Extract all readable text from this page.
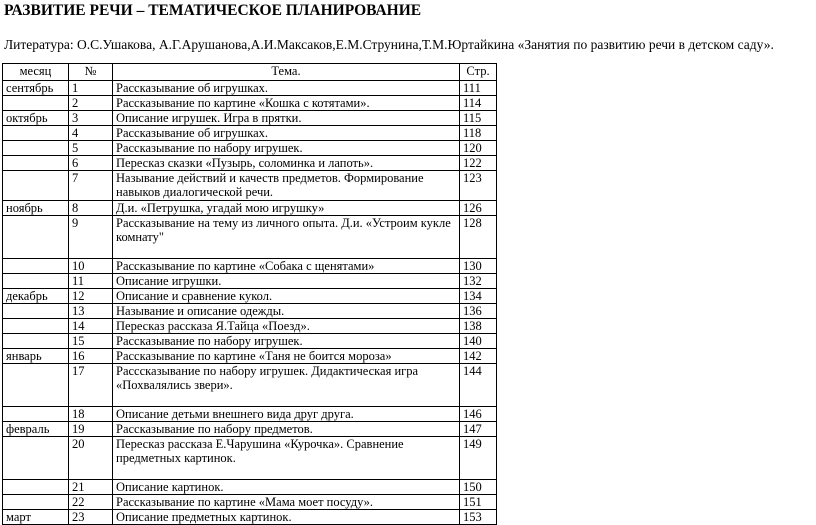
РАЗВИТИЕ РЕЧИ – ТЕМАТИЧЕСКОЕ ПЛАНИРОВАНИЕ
Литература: О.С.Ушакова, А.Г.Арушанова,А.И.Максаков,Е.М.Струнина,Т.М.Юртайкина «Занятия по развитию речи в детском саду».
месяц	№	Тема.	Стр.
сентябрь	1	Рассказывание об игрушках.	111
	2	Рассказывание по картине «Кошка с котятами».	114
октябрь	3	Описание игрушек. Игра в прятки.	115
	4	Рассказывание об игрушках.	118
	5	Рассказывание по набору игрушек.	120
	6	Пересказ сказки «Пузырь, соломинка и лапоть».	122
	7	Называние действий и качеств предметов. Формирование навыков диалогической речи.	123
ноябрь	8	Д.и. «Петрушка, угадай мою игрушку»	126
	9	Рассказывание на тему из личного опыта. Д.и. «Устроим кукле комнату"	128
	10	Рассказывание по картине «Собака с щенятами»	130
	11	Описание игрушки.	132
декабрь	12	Описание и сравнение кукол.	134
	13	Называние и описание одежды.	136
	14	Пересказ рассказа Я.Тайца «Поезд».	138
	15	Рассказывание по набору игрушек.	140
январь	16	Рассказывание по картине «Таня не боится мороза»	142
	17	Расссказывание по набору игрушек. Дидактическая игра «Похвалялись звери».	144
	18	Описание детьми внешнего вида друг друга.	146
февраль	19	Рассказывание по набору предметов.	147
	20	Пересказ рассказа Е.Чарушина «Курочка». Сравнение предметных картинок.	149
	21	Описание картинок.	150
	22	Рассказывание по картине «Мама моет посуду».	151
март	23	Описание предметных картинок.	153
